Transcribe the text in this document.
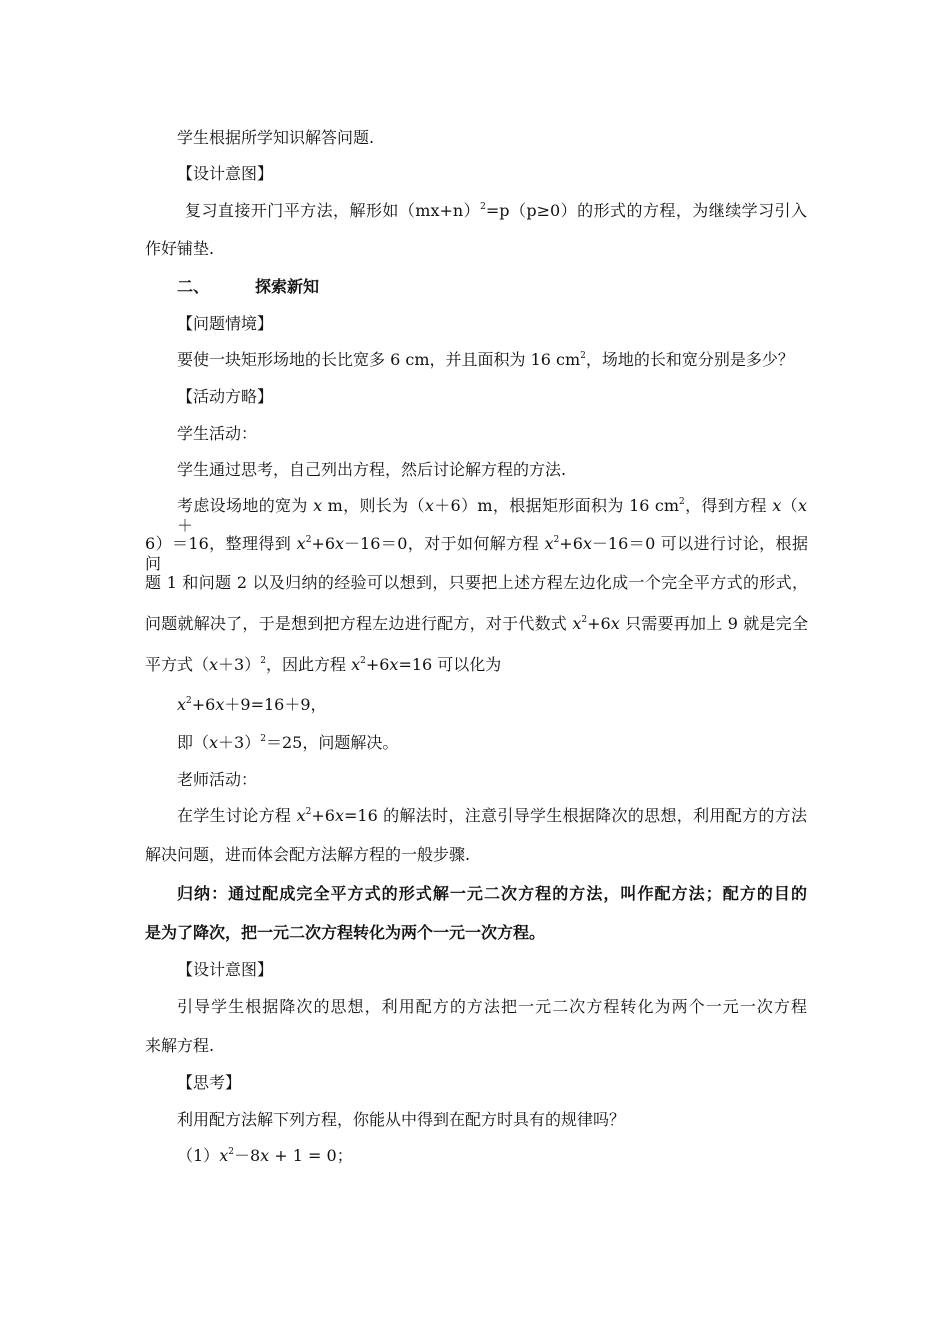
学生根据所学知识解答问题.
【设计意图】
复习直接开门平方法，解形如$(mx+n)^2=p(p\ge 0)$的形式的方程，为继续学习引入
作好铺垫.
二、	探索新知
【问题情境】
要使一块矩形场地的长比宽多 6 cm，并且面积为 16 $cm^2$，场地的长和宽分别是多少？
【活动方略】
学生活动：
学生通过思考，自己列出方程，然后讨论解方程的方法.
考虑设场地的宽为 x m，则长为（x＋6）m，根据矩形面积为 16 $cm^2$，得到方程 x（x＋
6）＝16，整理得到 $x^2+6x-16=0$，对于如何解方程 $x^2+6x-16=0$ 可以进行讨论，根据问
题 1 和问题 2 以及归纳的经验可以想到，只要把上述方程左边化成一个完全平方式的形式，
问题就解决了，于是想到把方程左边进行配方，对于代数式 $x^2+6x$ 只需要再加上 9 就是完全
平方式$(x+3)^2$，因此方程 $x^2+6x=16$ 可以化为
$x^2+6x+9=16+9$，
即$(x+3)^2=25$，问题解决。
老师活动：
在学生讨论方程 $x^2+6x=16$ 的解法时，注意引导学生根据降次的思想，利用配方的方法
解决问题，进而体会配方法解方程的一般步骤.
归纳：通过配成完全平方式的形式解一元二次方程的方法，叫作配方法；配方的目的
是为了降次，把一元二次方程转化为两个一元一次方程。
【设计意图】
引导学生根据降次的思想，利用配方的方法把一元二次方程转化为两个一元一次方程
来解方程.
【思考】
利用配方法解下列方程，你能从中得到在配方时具有的规律吗？
$(1)x^2-8x + 1 = 0$；
